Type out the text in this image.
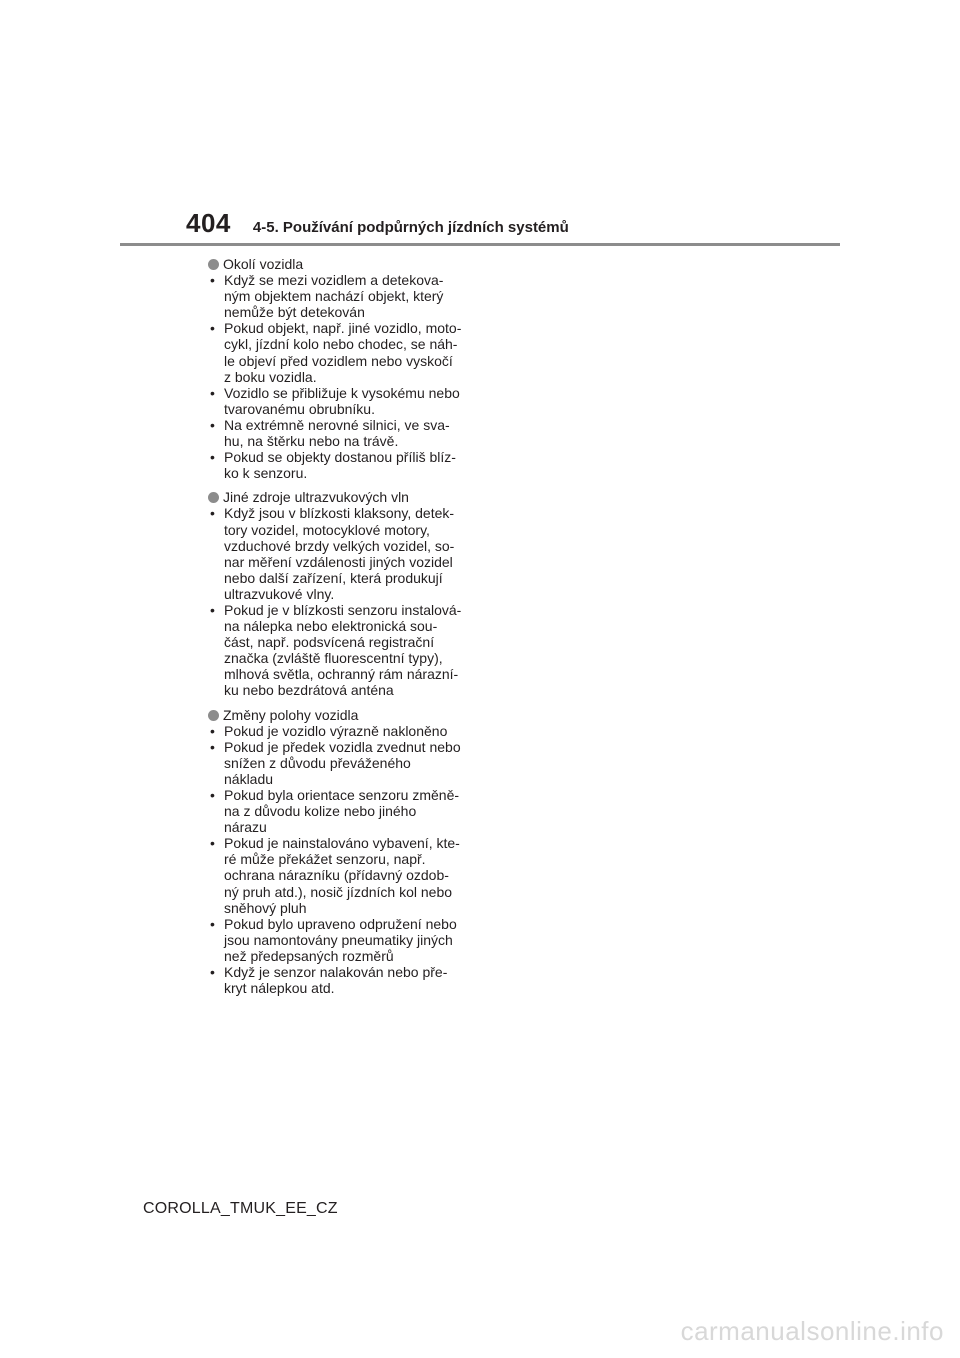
404 4-5. Používání podpůrných jízdních systémů
Okolí vozidla
• Když se mezi vozidlem a detekova-
ným objektem nachází objekt, který
nemůže být detekován
• Pokud objekt, např. jiné vozidlo, moto-
cykl, jízdní kolo nebo chodec, se náh-
le objeví před vozidlem nebo vyskočí
z boku vozidla.
• Vozidlo se přibližuje k vysokému nebo
tvarovanému obrubníku.
• Na extrémně nerovné silnici, ve sva-
hu, na štěrku nebo na trávě.
• Pokud se objekty dostanou příliš blíz-
ko k senzoru.
Jiné zdroje ultrazvukových vln
• Když jsou v blízkosti klaksony, detek-
tory vozidel, motocyklové motory,
vzduchové brzdy velkých vozidel, so-
nar měření vzdálenosti jiných vozidel
nebo další zařízení, která produkují
ultrazvukové vlny.
• Pokud je v blízkosti senzoru instalová-
na nálepka nebo elektronická sou-
část, např. podsvícená registrační
značka (zvláště fluorescentní typy),
mlhová světla, ochranný rám nárazní-
ku nebo bezdrátová anténa
Změny polohy vozidla
• Pokud je vozidlo výrazně nakloněno
• Pokud je předek vozidla zvednut nebo
snížen z důvodu převáženého
nákladu
• Pokud byla orientace senzoru změně-
na z důvodu kolize nebo jiného
nárazu
• Pokud je nainstalováno vybavení, kte-
ré může překážet senzoru, např.
ochrana nárazníku (přídavný ozdob-
ný pruh atd.), nosič jízdních kol nebo
sněhový pluh
• Pokud bylo upraveno odpružení nebo
jsou namontovány pneumatiky jiných
než předepsaných rozměrů
• Když je senzor nalakován nebo pře-
kryt nálepkou atd.
COROLLA_TMUK_EE_CZ
carmanualsonline.info
